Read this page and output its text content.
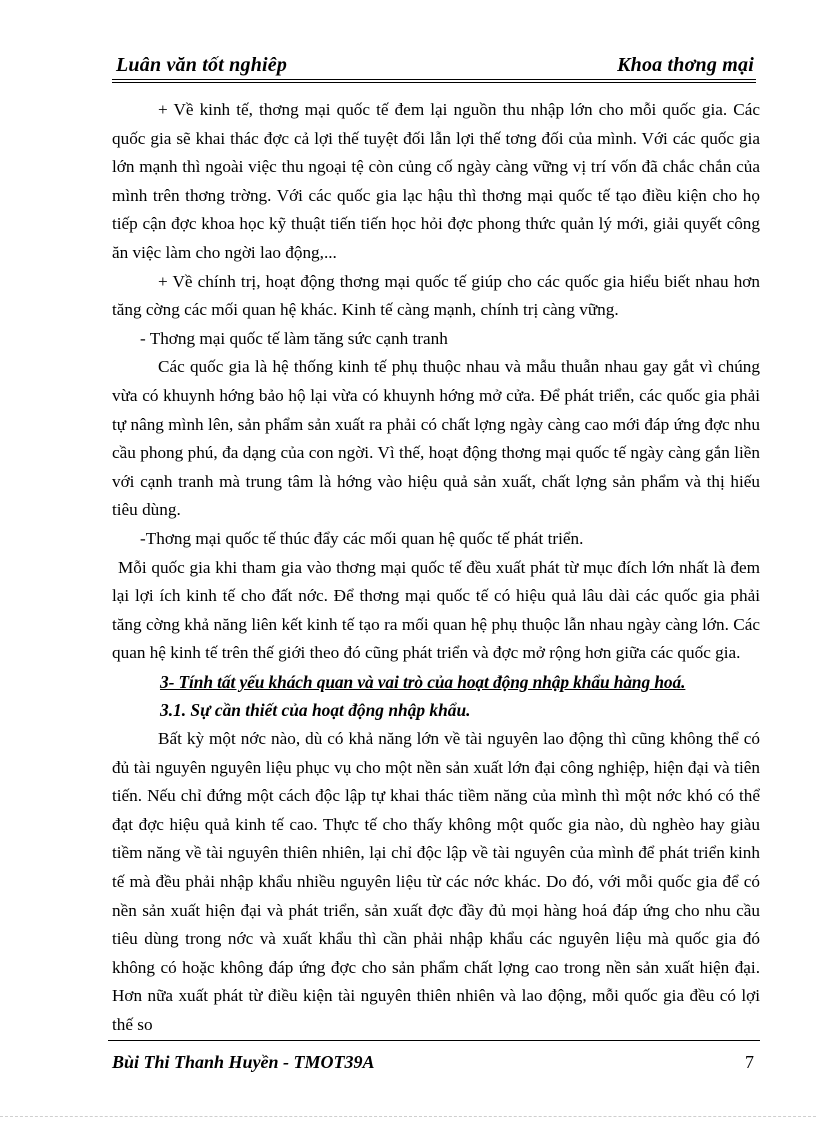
Luân văn tốt nghiêp	Khoa thơng mại

+ Về kinh tế, thơng mại quốc tế đem lại nguồn thu nhập lớn cho mỗi quốc gia. Các quốc gia sẽ khai thác đợc cả lợi thế tuyệt đối lẫn lợi thế tơng đối của mình. Với các quốc gia lớn mạnh thì ngoài việc thu ngoại tệ còn củng cố ngày càng vững vị trí vốn đã chắc chắn của mình trên thơng trờng. Với các quốc gia lạc hậu thì thơng mại quốc tế tạo điều kiện cho họ tiếp cận đợc khoa học kỹ thuật tiến tiến học hỏi đợc phong thức quản lý mới, giải quyết công ăn việc làm cho ngời lao động,...

+ Về chính trị, hoạt động thơng mại quốc tế giúp cho các quốc gia hiểu biết nhau hơn tăng cờng các mối quan hệ khác. Kinh tế càng mạnh, chính trị càng vững.

- Thơng mại quốc tế làm tăng sức cạnh tranh

Các quốc gia là hệ thống kinh tế phụ thuộc nhau và mẫu thuẫn nhau gay gắt vì chúng vừa có khuynh hớng bảo hộ lại vừa có khuynh hớng mở cửa. Để phát triển, các quốc gia phải tự nâng mình lên, sản phẩm sản xuất ra phải có chất lợng ngày càng cao mới đáp ứng đợc nhu cầu phong phú, đa dạng của con ngời. Vì thế, hoạt động thơng mại quốc tế ngày càng gắn liền với cạnh tranh mà trung tâm là hớng vào hiệu quả sản xuất, chất lợng sản phẩm và thị hiếu tiêu dùng.

-Thơng mại quốc tế thúc đẩy các mối quan hệ quốc tế phát triển.

Mỗi quốc gia khi tham gia vào thơng mại quốc tế đều xuất phát từ mục đích lớn nhất là đem lại lợi ích kinh tế cho đất nớc. Để thơng mại quốc tế có hiệu quả lâu dài các quốc gia phải tăng cờng khả năng liên kết kinh tế tạo ra mối quan hệ phụ thuộc lẫn nhau ngày càng lớn. Các quan hệ kinh tế trên thế giới theo đó cũng phát triển và đợc mở rộng hơn giữa các quốc gia.

3- Tính tất yếu khách quan và vai trò của hoạt động nhập khẩu hàng hoá.

3.1. Sự cần thiết của hoạt động nhập khẩu.

Bất kỳ một nớc nào, dù có khả năng lớn về tài nguyên lao động thì cũng không thể có đủ tài nguyên nguyên liệu phục vụ cho một nền sản xuất lớn đại công nghiệp, hiện đại và tiên tiến. Nếu chỉ đứng một cách độc lập tự khai thác tiềm năng của mình thì một nớc khó có thể đạt đợc hiệu quả kinh tế cao. Thực tế cho thấy không một quốc gia nào, dù nghèo hay giàu tiềm năng về tài nguyên thiên nhiên, lại chỉ độc lập về tài nguyên của mình để phát triển kinh tế mà đều phải nhập khẩu nhiều nguyên liệu từ các nớc khác. Do đó, với mỗi quốc gia để có nền sản xuất hiện đại và phát triển, sản xuất đợc đầy đủ mọi hàng hoá đáp ứng cho nhu cầu tiêu dùng trong nớc và xuất khẩu thì cần phải nhập khẩu các nguyên liệu mà quốc gia đó không có hoặc không đáp ứng đợc cho sản phẩm chất lợng cao trong nền sản xuất hiện đại. Hơn nữa xuất phát từ điều kiện tài nguyên thiên nhiên và lao động, mỗi quốc gia đều có lợi thế so

Bùi Thi Thanh Huyền - TMOT39A	7
